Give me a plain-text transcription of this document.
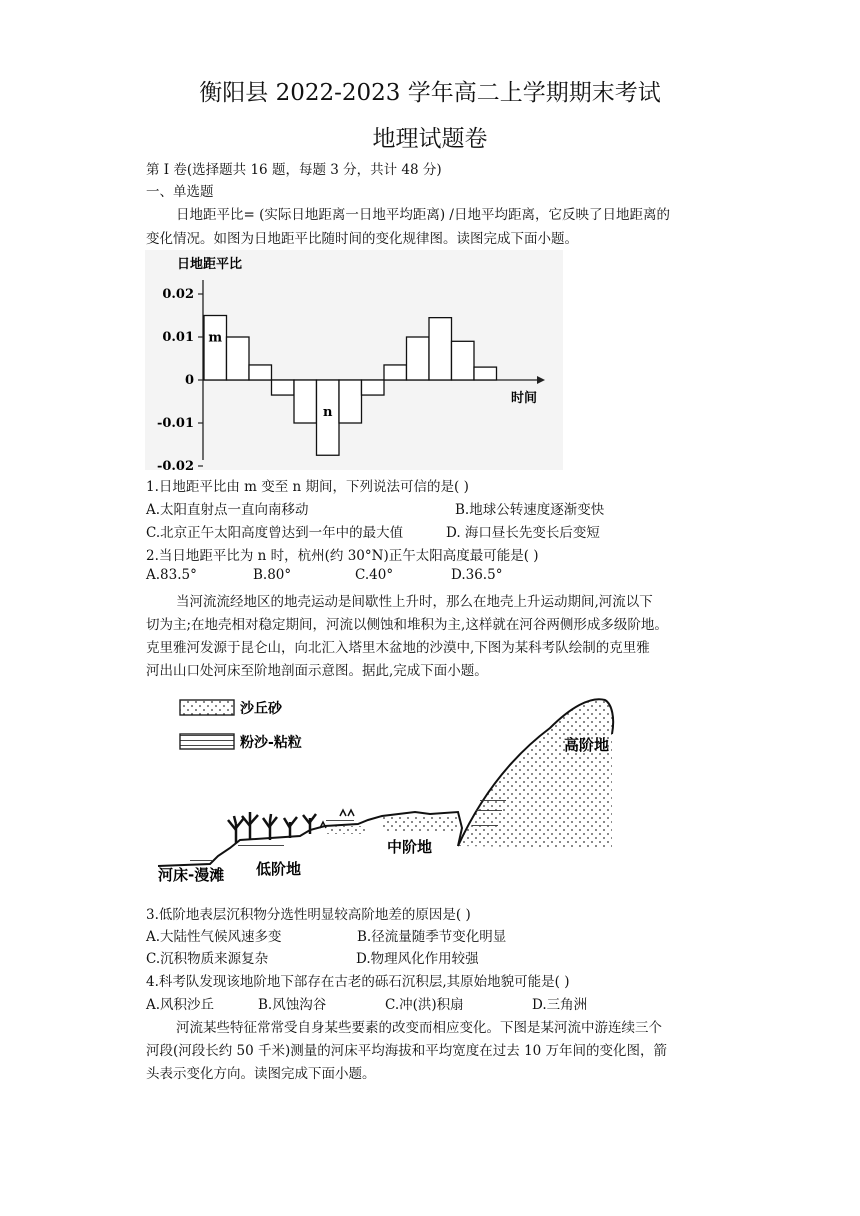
衡阳县 2022-2023 学年高二上学期期末考试
地理试题卷
第 I 卷(选择题共 16 题，每题 3 分，共计 48 分)
一、单选题
日地距平比= (实际日地距离一日地平均距离) /日地平均距离，它反映了日地距离的
变化情况。如图为日地距平比随时间的变化规律图。读图完成下面小题。
日地距平比
时间
0.02
0.01
0
-0.01
-0.02
m
n
1.日地距平比由 m 变至 n 期间，下列说法可信的是( )
A.太阳直射点一直向南移动	B.地球公转速度逐渐变快
C.北京正午太阳高度曾达到一年中的最大值	D. 海口昼长先变长后变短
2.当日地距平比为 n 时，杭州(约 30°N)正午太阳高度最可能是( )
A.83.5°	B.80°	C.40°	D.36.5°
当河流流经地区的地壳运动是间歇性上升时，那么在地壳上升运动期间,河流以下
切为主;在地壳相对稳定期间，河流以侧蚀和堆积为主,这样就在河谷两侧形成多级阶地。
克里雅河发源于昆仑山，向北汇入塔里木盆地的沙漠中,下图为某科考队绘制的克里雅
河出山口处河床至阶地剖面示意图。据此,完成下面小题。
沙丘砂
粉沙-粘粒	高阶地
中阶地
低阶地
河床-漫滩
3.低阶地表层沉积物分选性明显较高阶地差的原因是( )
A.大陆性气候风速多变	B.径流量随季节变化明显
C.沉积物质来源复杂	D.物理风化作用较强
4.科考队发现该地阶地下部存在古老的砾石沉积层,其原始地貌可能是( )
A.风积沙丘	B.风蚀沟谷	C.冲(洪)积扇	D.三角洲
河流某些特征常常受自身某些要素的改变而相应变化。下图是某河流中游连续三个
河段(河段长约 50 千米)测量的河床平均海拔和平均宽度在过去 10 万年间的变化图，箭
头表示变化方向。读图完成下面小题。
